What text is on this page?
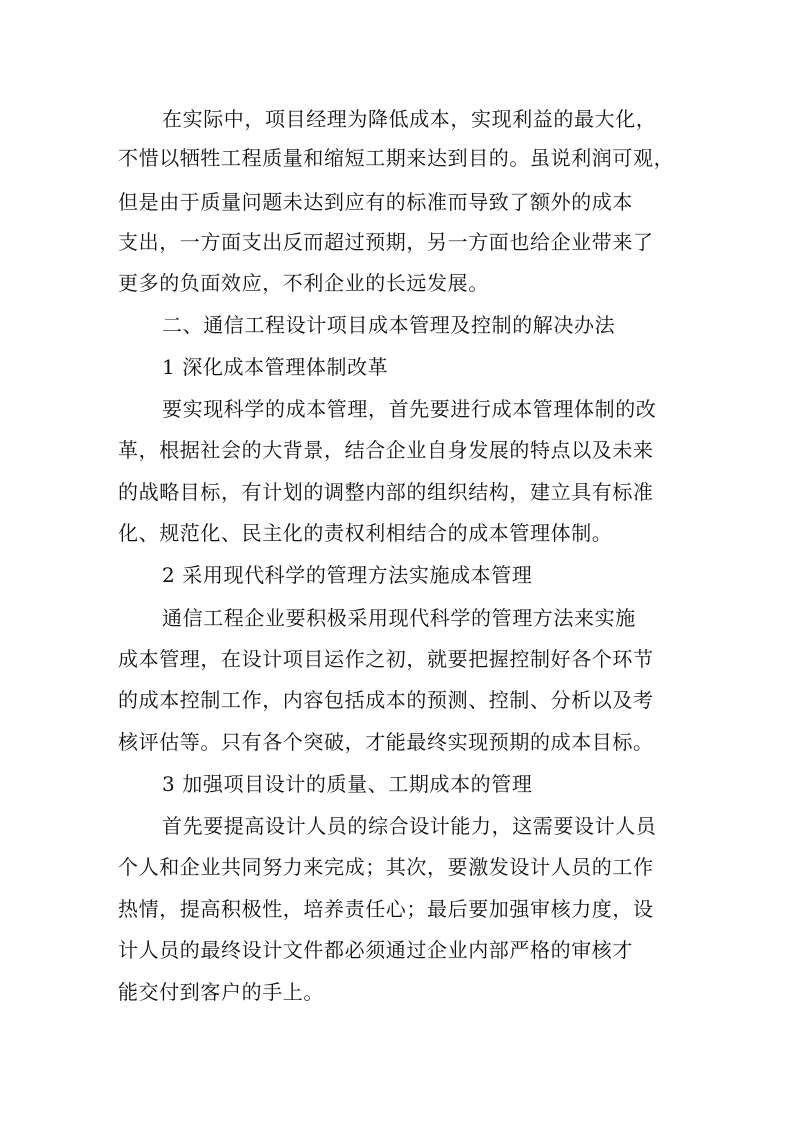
在实际中，项目经理为降低成本，实现利益的最大化，
不惜以牺牲工程质量和缩短工期来达到目的。虽说利润可观，
但是由于质量问题未达到应有的标准而导致了额外的成本
支出，一方面支出反而超过预期，另一方面也给企业带来了
更多的负面效应，不利企业的长远发展。
二、通信工程设计项目成本管理及控制的解决办法
1 深化成本管理体制改革
要实现科学的成本管理，首先要进行成本管理体制的改
革，根据社会的大背景，结合企业自身发展的特点以及未来
的战略目标，有计划的调整内部的组织结构，建立具有标准
化、规范化、民主化的责权利相结合的成本管理体制。
2 采用现代科学的管理方法实施成本管理
通信工程企业要积极采用现代科学的管理方法来实施
成本管理，在设计项目运作之初，就要把握控制好各个环节
的成本控制工作，内容包括成本的预测、控制、分析以及考
核评估等。只有各个突破，才能最终实现预期的成本目标。
3 加强项目设计的质量、工期成本的管理
首先要提高设计人员的综合设计能力，这需要设计人员
个人和企业共同努力来完成；其次，要激发设计人员的工作
热情，提高积极性，培养责任心；最后要加强审核力度，设
计人员的最终设计文件都必须通过企业内部严格的审核才
能交付到客户的手上。
